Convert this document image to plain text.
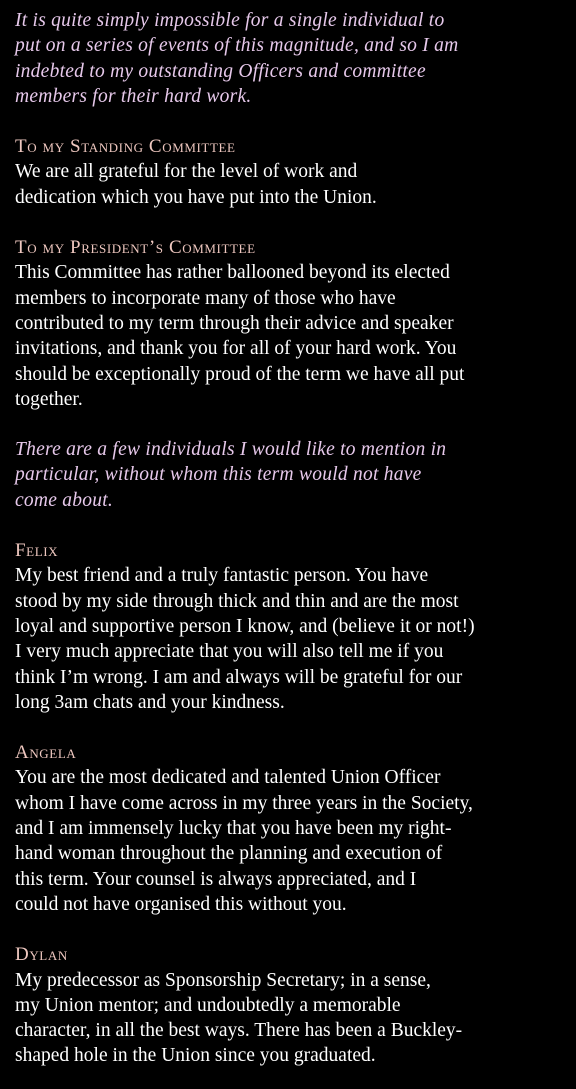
It is quite simply impossible for a single individual to
put on a series of events of this magnitude, and so I am
indebted to my outstanding Officers and committee
members for their hard work.

To my Standing Committee

We are all grateful for the level of work and
dedication which you have put into the Union.

To my President’s Committee

This Committee has rather ballooned beyond its elected
members to incorporate many of those who have
contributed to my term through their advice and speaker
invitations, and thank you for all of your hard work. You
should be exceptionally proud of the term we have all put
together.

There are a few individuals I would like to mention in
particular, without whom this term would not have
come about.

Felix

My best friend and a truly fantastic person. You have
stood by my side through thick and thin and are the most
loyal and supportive person I know, and (believe it or not!)
I very much appreciate that you will also tell me if you
think I’m wrong. I am and always will be grateful for our
long 3am chats and your kindness.

Angela

You are the most dedicated and talented Union Officer
whom I have come across in my three years in the Society,
and I am immensely lucky that you have been my right-
hand woman throughout the planning and execution of
this term. Your counsel is always appreciated, and I
could not have organised this without you.

Dylan

My predecessor as Sponsorship Secretary; in a sense,
my Union mentor; and undoubtedly a memorable
character, in all the best ways. There has been a Buckley-
shaped hole in the Union since you graduated.
